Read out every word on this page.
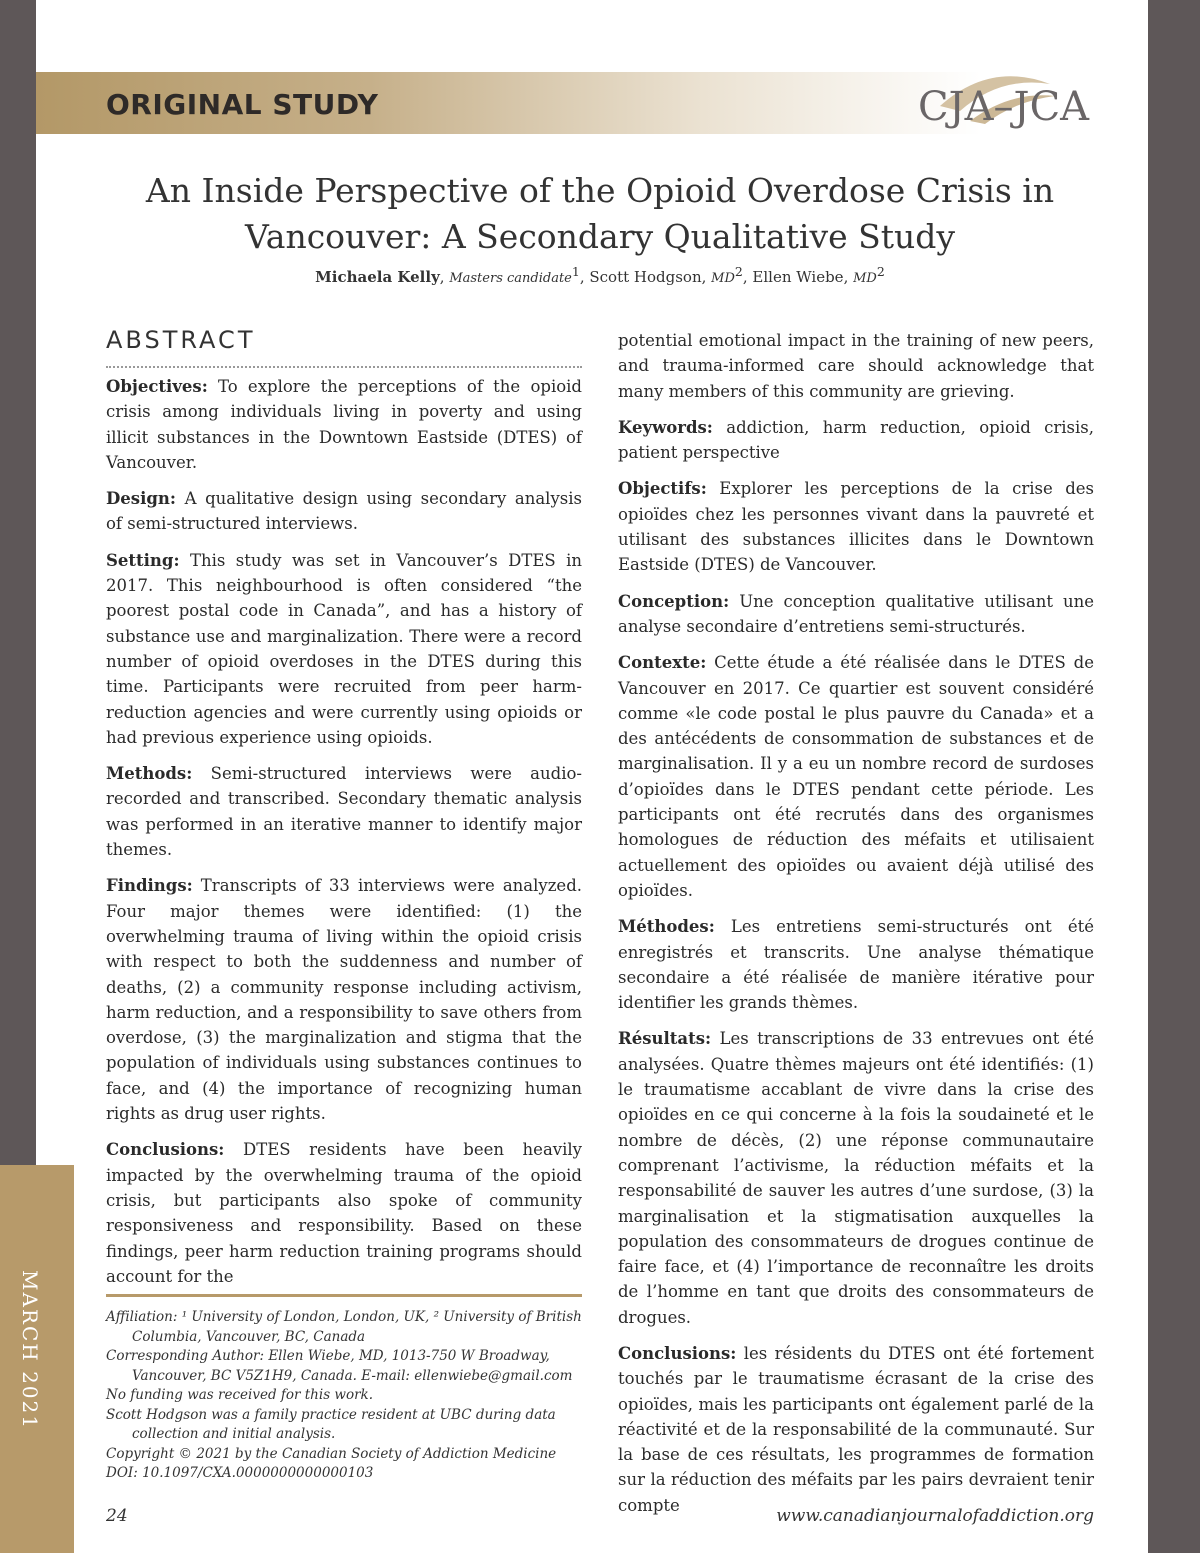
MARCH 2021
ORIGINAL STUDY	CJA–JCA
An Inside Perspective of the Opioid Overdose Crisis in
Vancouver: A Secondary Qualitative Study
Michaela Kelly, Masters candidate$^1$, Scott Hodgson, $MD^2$, Ellen Wiebe, $MD^2$
ABSTRACT

Objectives: To explore the perceptions of the opioid crisis among individuals living in poverty and using illicit substances in the Downtown Eastside (DTES) of Vancouver.

Design: A qualitative design using secondary analysis of semi-structured interviews.

Setting: This study was set in Vancouver’s DTES in 2017. This neighbourhood is often considered “the poorest postal code in Canada”, and has a history of substance use and marginalization. There were a record number of opioid overdoses in the DTES during this time. Participants were recruited from peer harm-reduction agencies and were currently using opioids or had previous experience using opioids.

Methods: Semi-structured interviews were audio-recorded and transcribed. Secondary thematic analysis was performed in an iterative manner to identify major themes.

Findings: Transcripts of 33 interviews were analyzed. Four major themes were identified: (1) the overwhelming trauma of living within the opioid crisis with respect to both the suddenness and number of deaths, (2) a community response including activism, harm reduction, and a responsibility to save others from overdose, (3) the marginalization and stigma that the population of individuals using substances continues to face, and (4) the importance of recognizing human rights as drug user rights.

Conclusions: DTES residents have been heavily impacted by the overwhelming trauma of the opioid crisis, but participants also spoke of community responsiveness and responsibility. Based on these findings, peer harm reduction training programs should account for the

Affiliation: ¹ University of London, London, UK, ² University of British Columbia, Vancouver, BC, Canada

Corresponding Author: Ellen Wiebe, MD, 1013-750 W Broadway, Vancouver, BC V5Z1H9, Canada. E-mail: ellenwiebe@gmail.com

No funding was received for this work.

Scott Hodgson was a family practice resident at UBC during data collection and initial analysis.

Copyright © 2021 by the Canadian Society of Addiction Medicine

DOI: 10.1097/CXA.0000000000000103

potential emotional impact in the training of new peers, and trauma-informed care should acknowledge that many members of this community are grieving.

Keywords: addiction, harm reduction, opioid crisis, patient perspective

Objectifs: Explorer les perceptions de la crise des opioïdes chez les personnes vivant dans la pauvreté et utilisant des substances illicites dans le Downtown Eastside (DTES) de Vancouver.

Conception: Une conception qualitative utilisant une analyse secondaire d’entretiens semi-structurés.

Contexte: Cette étude a été réalisée dans le DTES de Vancouver en 2017. Ce quartier est souvent considéré comme «le code postal le plus pauvre du Canada» et a des antécédents de consommation de substances et de marginalisation. Il y a eu un nombre record de surdoses d’opioïdes dans le DTES pendant cette période. Les participants ont été recrutés dans des organismes homologues de réduction des méfaits et utilisaient actuellement des opioïdes ou avaient déjà utilisé des opioïdes.

Méthodes: Les entretiens semi-structurés ont été enregistrés et transcrits. Une analyse thématique secondaire a été réalisée de manière itérative pour identifier les grands thèmes.

Résultats: Les transcriptions de 33 entrevues ont été analysées. Quatre thèmes majeurs ont été identifiés: (1) le traumatisme accablant de vivre dans la crise des opioïdes en ce qui concerne à la fois la soudaineté et le nombre de décès, (2) une réponse communautaire comprenant l’activisme, la réduction méfaits et la responsabilité de sauver les autres d’une surdose, (3) la marginalisation et la stigmatisation auxquelles la population des consommateurs de drogues continue de faire face, et (4) l’importance de reconnaître les droits de l’homme en tant que droits des consommateurs de drogues.

Conclusions: les résidents du DTES ont été fortement touchés par le traumatisme écrasant de la crise des opioïdes, mais les participants ont également parlé de la réactivité et de la responsabilité de la communauté. Sur la base de ces résultats, les programmes de formation sur la réduction des méfaits par les pairs devraient tenir compte

24	www.canadianjournalofaddiction.org
